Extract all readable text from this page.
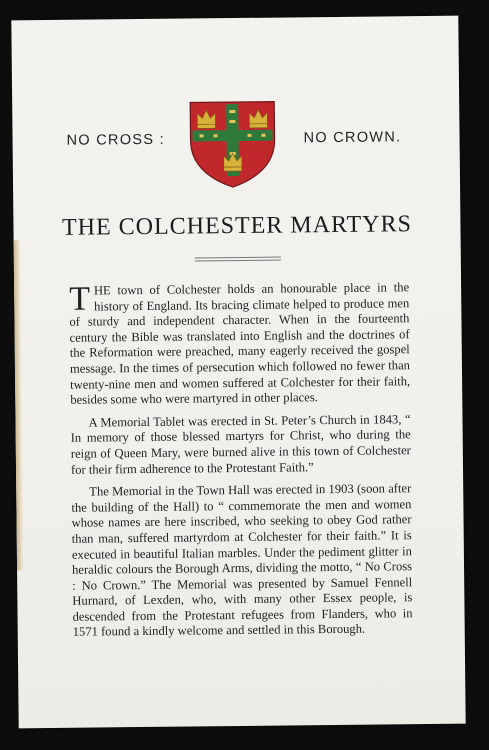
NO CROSS :	NO CROWN.
THE COLCHESTER MARTYRS

THE town of Colchester holds an honourable place in the history of England. Its bracing climate helped to produce men of sturdy and independent character. When in the fourteenth century the Bible was translated into English and the doctrines of the Reformation were preached, many eagerly received the gospel message. In the times of persecution which followed no fewer than twenty-nine men and women suffered at Colchester for their faith, besides some who were martyred in other places.

A Memorial Tablet was erected in St. Peter’s Church in 1843, “ In memory of those blessed martyrs for Christ, who during the reign of Queen Mary, were burned alive in this town of Colchester for their firm adherence to the Protestant Faith.”

The Memorial in the Town Hall was erected in 1903 (soon after the building of the Hall) to “ commemorate the men and women whose names are here inscribed, who seeking to obey God rather than man, suffered martyrdom at Colchester for their faith.” It is executed in beautiful Italian marbles. Under the pediment glitter in heraldic colours the Borough Arms, dividing the motto, “ No Cross : No Crown.” The Memorial was presented by Samuel Fennell Hurnard, of Lexden, who, with many other Essex people, is descended from the Protestant refugees from Flanders, who in 1571 found a kindly welcome and settled in this Borough.
